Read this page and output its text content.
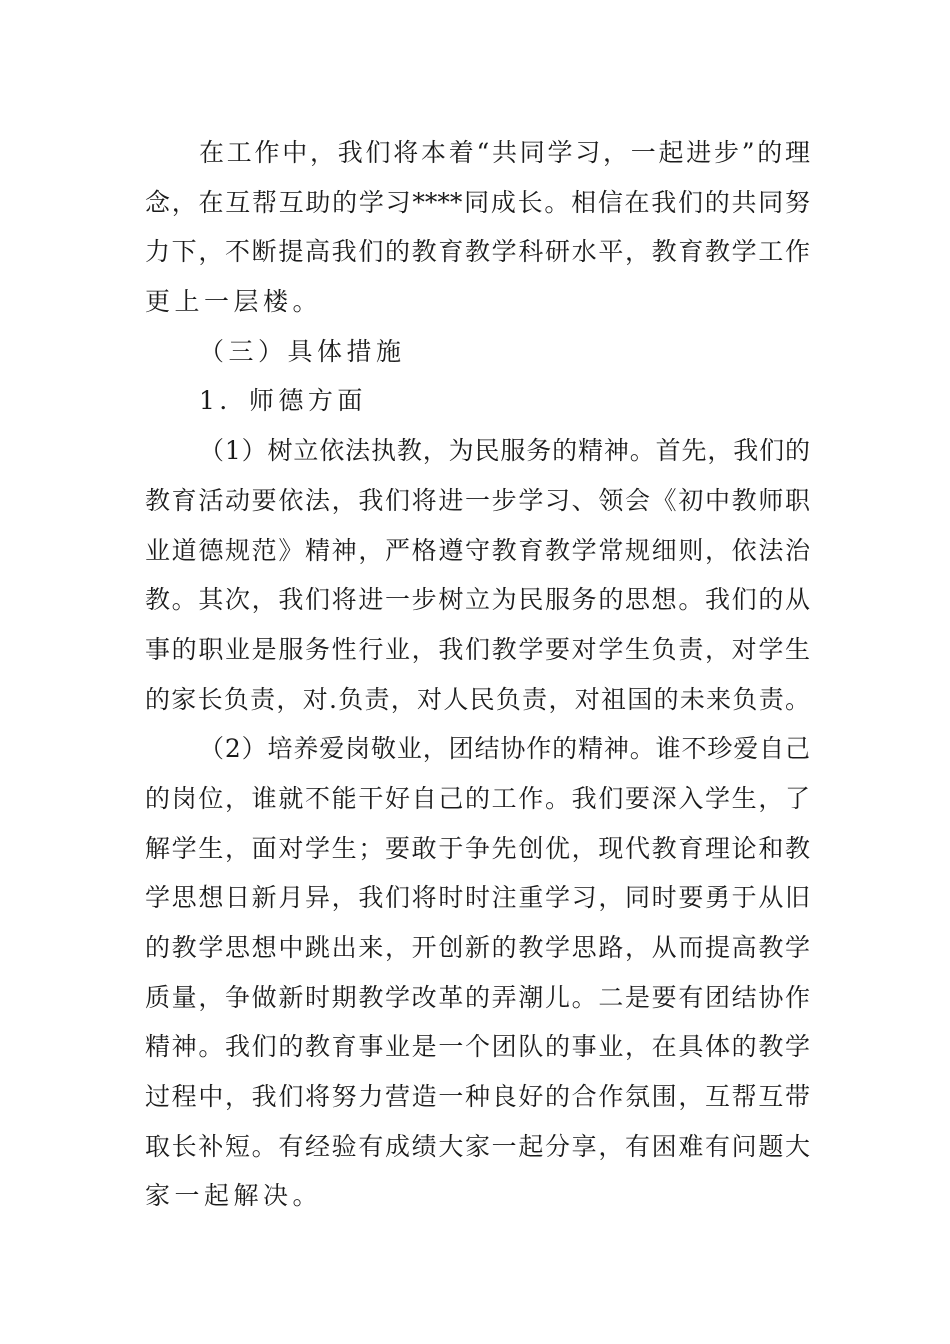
在工作中，我们将本着“共同学习，一起进步”的理
念，在互帮互助的学习****同成长。相信在我们的共同努
力下，不断提高我们的教育教学科研水平，教育教学工作
更上一层楼。
（三）具体措施
1．师德方面
（1）树立依法执教，为民服务的精神。首先，我们的
教育活动要依法，我们将进一步学习、领会《初中教师职
业道德规范》精神，严格遵守教育教学常规细则，依法治
教。其次，我们将进一步树立为民服务的思想。我们的从
事的职业是服务性行业，我们教学要对学生负责，对学生
的家长负责，对.负责，对人民负责，对祖国的未来负责。
（2）培养爱岗敬业，团结协作的精神。谁不珍爱自己
的岗位，谁就不能干好自己的工作。我们要深入学生，了
解学生，面对学生；要敢于争先创优，现代教育理论和教
学思想日新月异，我们将时时注重学习，同时要勇于从旧
的教学思想中跳出来，开创新的教学思路，从而提高教学
质量，争做新时期教学改革的弄潮儿。二是要有团结协作
精神。我们的教育事业是一个团队的事业，在具体的教学
过程中，我们将努力营造一种良好的合作氛围，互帮互带
取长补短。有经验有成绩大家一起分享，有困难有问题大
家一起解决。
